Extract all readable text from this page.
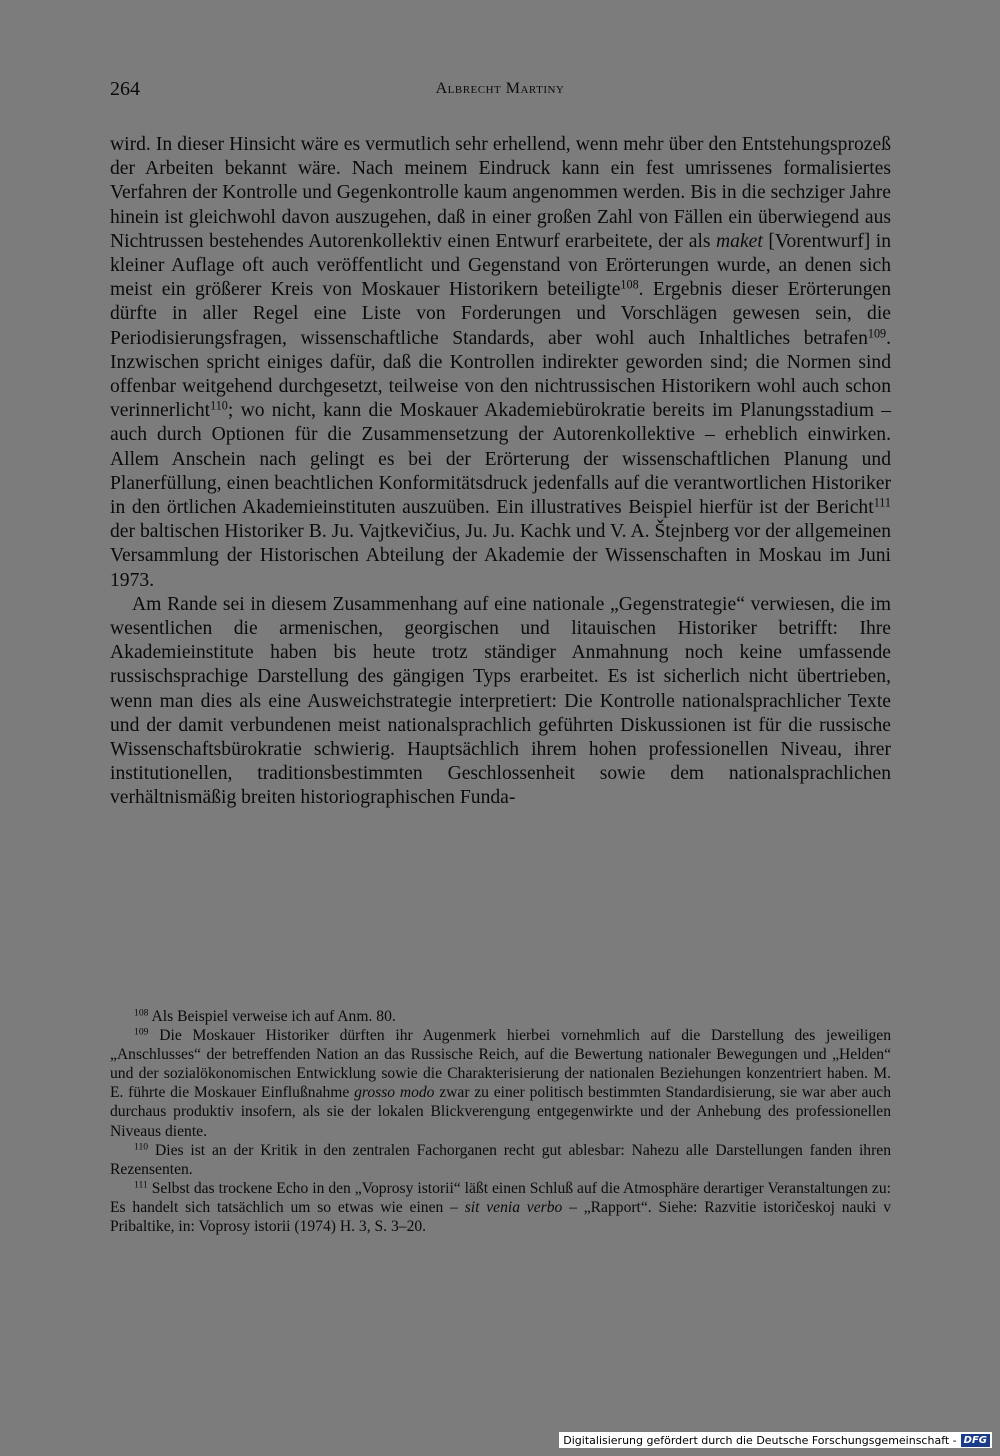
264	Albrecht Martiny

wird. In dieser Hinsicht wäre es vermutlich sehr erhellend, wenn mehr über den Entstehungsprozeß der Arbeiten bekannt wäre. Nach meinem Eindruck kann ein fest umrissenes formalisiertes Verfahren der Kontrolle und Gegenkontrolle kaum angenommen werden. Bis in die sechziger Jahre hinein ist gleichwohl davon auszugehen, daß in einer großen Zahl von Fällen ein überwiegend aus Nichtrussen bestehendes Autorenkollektiv einen Entwurf erarbeitete, der als maket [Vorentwurf] in kleiner Auflage oft auch veröffentlicht und Gegenstand von Erörterungen wurde, an denen sich meist ein größerer Kreis von Moskauer Historikern beteiligte$^{108}$. Ergebnis dieser Erörterungen dürfte in aller Regel eine Liste von Forderungen und Vorschlägen gewesen sein, die Periodisierungsfragen, wissenschaftliche Standards, aber wohl auch Inhaltliches betrafen$^{109}$. Inzwischen spricht einiges dafür, daß die Kontrollen indirekter geworden sind; die Normen sind offenbar weitgehend durchgesetzt, teilweise von den nichtrussischen Historikern wohl auch schon verinnerlicht$^{110}$; wo nicht, kann die Moskauer Akademiebürokratie bereits im Planungsstadium – auch durch Optionen für die Zusammensetzung der Autorenkollektive – erheblich einwirken. Allem Anschein nach gelingt es bei der Erörterung der wissenschaftlichen Planung und Planerfüllung, einen beachtlichen Konformitätsdruck jedenfalls auf die verantwortlichen Historiker in den örtlichen Akademieinstituten auszuüben. Ein illustratives Beispiel hierfür ist der Bericht$^{111}$ der baltischen Historiker B. Ju. Vajtkevičius, Ju. Ju. Kachk und V. A. Štejnberg vor der allgemeinen Versammlung der Historischen Abteilung der Akademie der Wissenschaften in Moskau im Juni 1973.

Am Rande sei in diesem Zusammenhang auf eine nationale „Gegenstrategie“ verwiesen, die im wesentlichen die armenischen, georgischen und litauischen Historiker betrifft: Ihre Akademieinstitute haben bis heute trotz ständiger Anmahnung noch keine umfassende russischsprachige Darstellung des gängigen Typs erarbeitet. Es ist sicherlich nicht übertrieben, wenn man dies als eine Ausweichstrategie interpretiert: Die Kontrolle nationalsprachlicher Texte und der damit verbundenen meist nationalsprachlich geführten Diskussionen ist für die russische Wissenschaftsbürokratie schwierig. Hauptsächlich ihrem hohen professionellen Niveau, ihrer institutionellen, traditionsbestimmten Geschlossenheit sowie dem nationalsprachlichen verhältnismäßig breiten historiographischen Funda-

$^{108}$ Als Beispiel verweise ich auf Anm. 80.

$^{109}$ Die Moskauer Historiker dürften ihr Augenmerk hierbei vornehmlich auf die Darstellung des jeweiligen „Anschlusses“ der betreffenden Nation an das Russische Reich, auf die Bewertung nationaler Bewegungen und „Helden“ und der sozialökonomischen Entwicklung sowie die Charakterisierung der nationalen Beziehungen konzentriert haben. M. E. führte die Moskauer Einflußnahme grosso modo zwar zu einer politisch bestimmten Standardisierung, sie war aber auch durchaus produktiv insofern, als sie der lokalen Blickverengung entgegenwirkte und der Anhebung des professionellen Niveaus diente.

$^{110}$ Dies ist an der Kritik in den zentralen Fachorganen recht gut ablesbar: Nahezu alle Darstellungen fanden ihren Rezensenten.

$^{111}$ Selbst das trockene Echo in den „Voprosy istorii“ läßt einen Schluß auf die Atmosphäre derartiger Veranstaltungen zu: Es handelt sich tatsächlich um so etwas wie einen – sit venia verbo – „Rapport“. Siehe: Razvitie istoričeskoj nauki v Pribaltike, in: Voprosy istorii (1974) H. 3, S. 3–20.

Digitalisierung gefördert durch die Deutsche Forschungsgemeinschaft - DFG
